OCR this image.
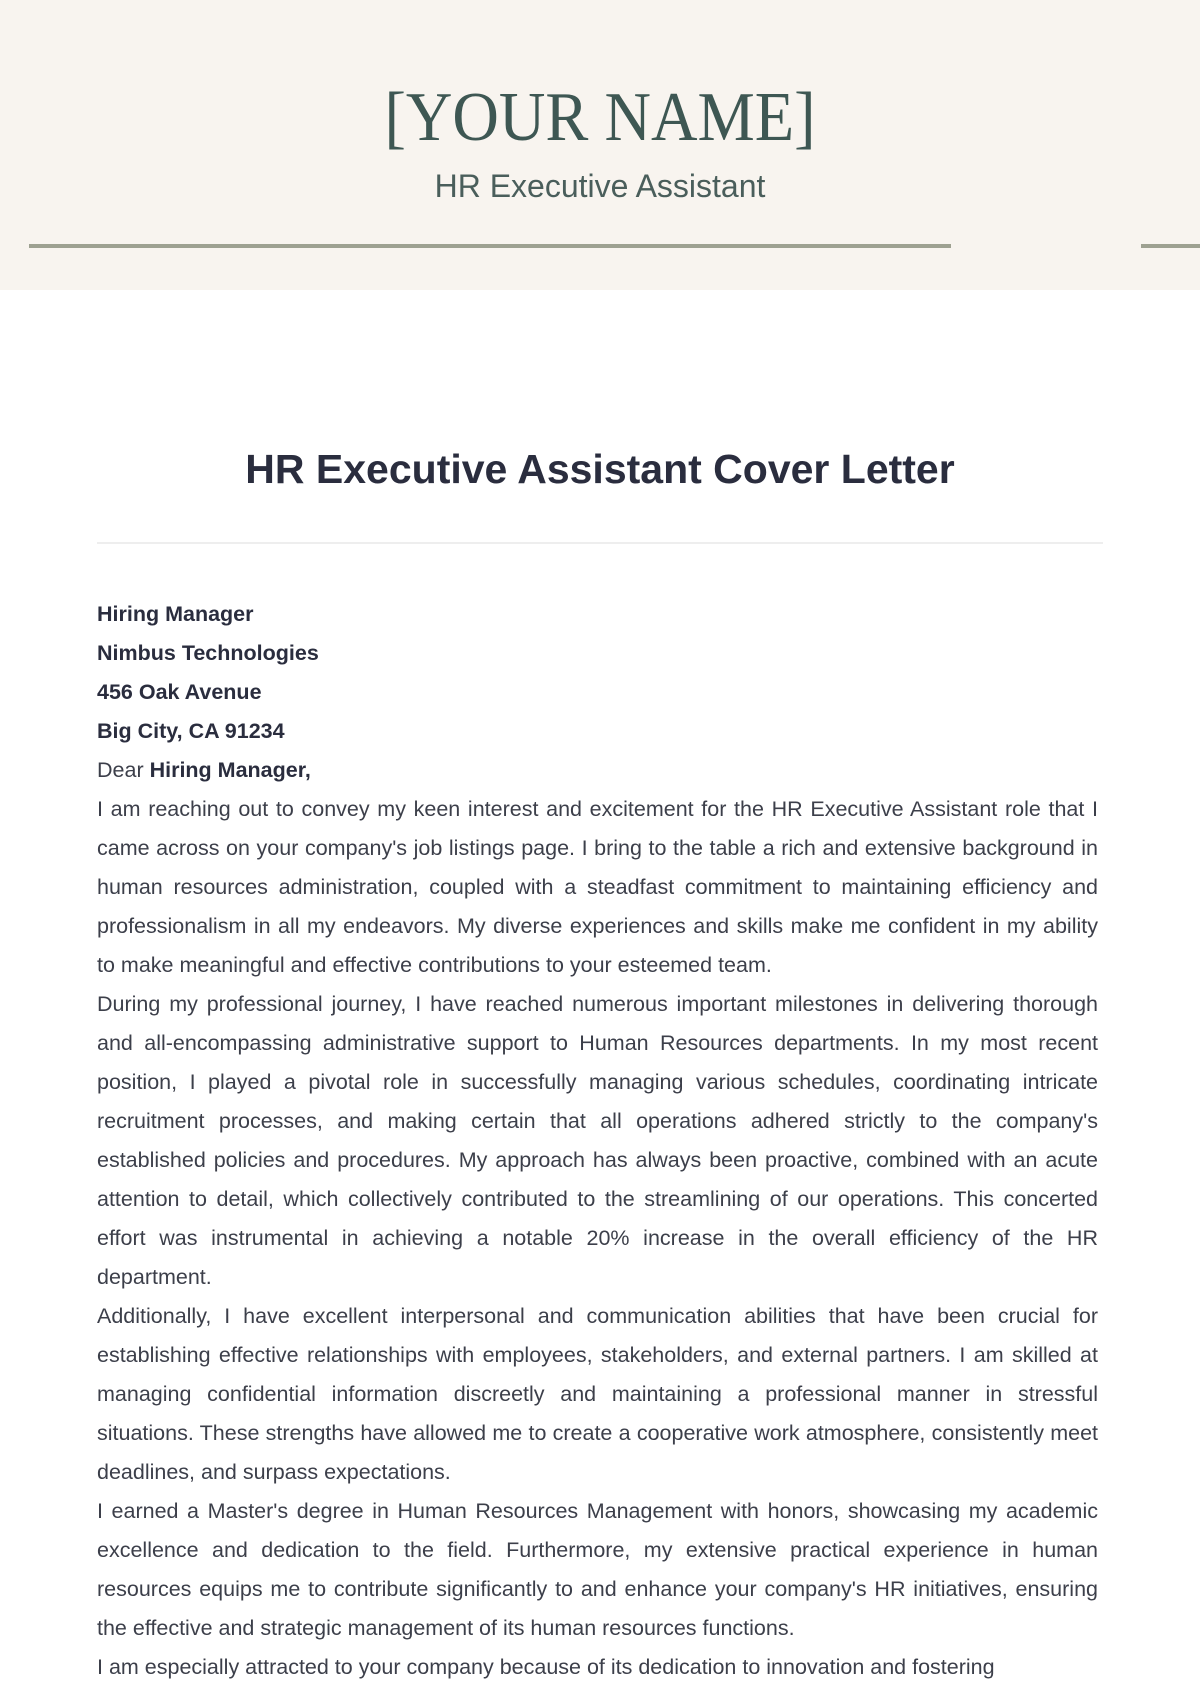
[YOUR NAME]
HR Executive Assistant
HR Executive Assistant Cover Letter

Hiring Manager

Nimbus Technologies

456 Oak Avenue

Big City, CA 91234

Dear Hiring Manager,

I am reaching out to convey my keen interest and excitement for the HR Executive Assistant role that I came across on your company's job listings page. I bring to the table a rich and extensive background in human resources administration, coupled with a steadfast commitment to maintaining efficiency and professionalism in all my endeavors. My diverse experiences and skills make me confident in my ability to make meaningful and effective contributions to your esteemed team.

During my professional journey, I have reached numerous important milestones in delivering thorough and all-encompassing administrative support to Human Resources departments. In my most recent position, I played a pivotal role in successfully managing various schedules, coordinating intricate recruitment processes, and making certain that all operations adhered strictly to the company's established policies and procedures. My approach has always been proactive, combined with an acute attention to detail, which collectively contributed to the streamlining of our operations. This concerted effort was instrumental in achieving a notable 20% increase in the overall efficiency of the HR department.

Additionally, I have excellent interpersonal and communication abilities that have been crucial for establishing effective relationships with employees, stakeholders, and external partners. I am skilled at managing confidential information discreetly and maintaining a professional manner in stressful situations. These strengths have allowed me to create a cooperative work atmosphere, consistently meet deadlines, and surpass expectations.

I earned a Master's degree in Human Resources Management with honors, showcasing my academic excellence and dedication to the field. Furthermore, my extensive practical experience in human resources equips me to contribute significantly to and enhance your company's HR initiatives, ensuring the effective and strategic management of its human resources functions.

I am especially attracted to your company because of its dedication to innovation and fostering
